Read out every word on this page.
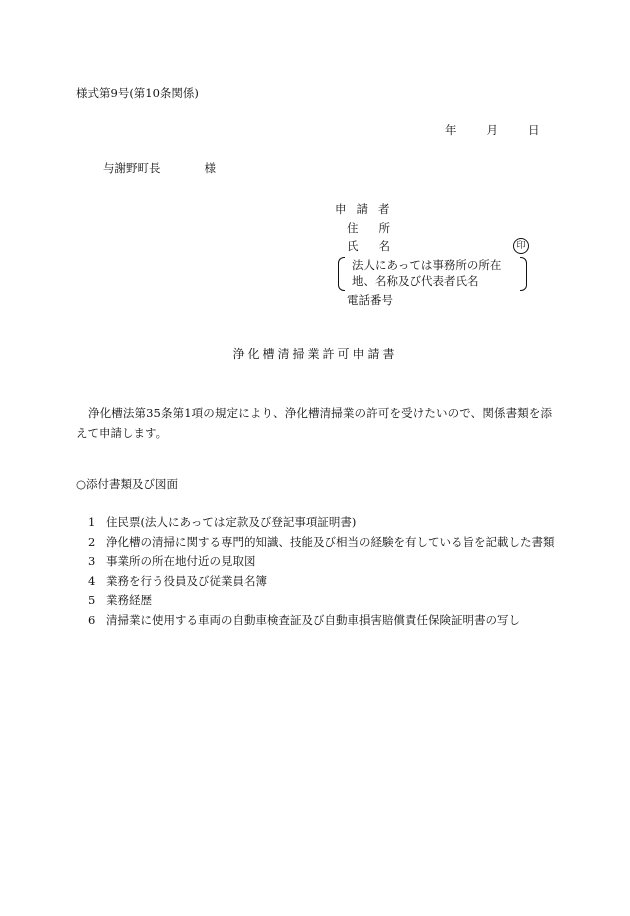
様式第9号(第10条関係)
年	月	日
与謝野町長	様
申請者
住所
氏名	印
法人にあっては事務所の所在
地、名称及び代表者氏名
電話番号
浄化槽清掃業許可申請書
浄化槽法第35条第1項の規定により、浄化槽清掃業の許可を受けたいので、関係書類を添えて申請します。
○添付書類及び図面
1 住民票(法人にあっては定款及び登記事項証明書)
2 浄化槽の清掃に関する専門的知識、技能及び相当の経験を有している旨を記載した書類
3 事業所の所在地付近の見取図
4 業務を行う役員及び従業員名簿
5 業務経歴
6 清掃業に使用する車両の自動車検査証及び自動車損害賠償責任保険証明書の写し
